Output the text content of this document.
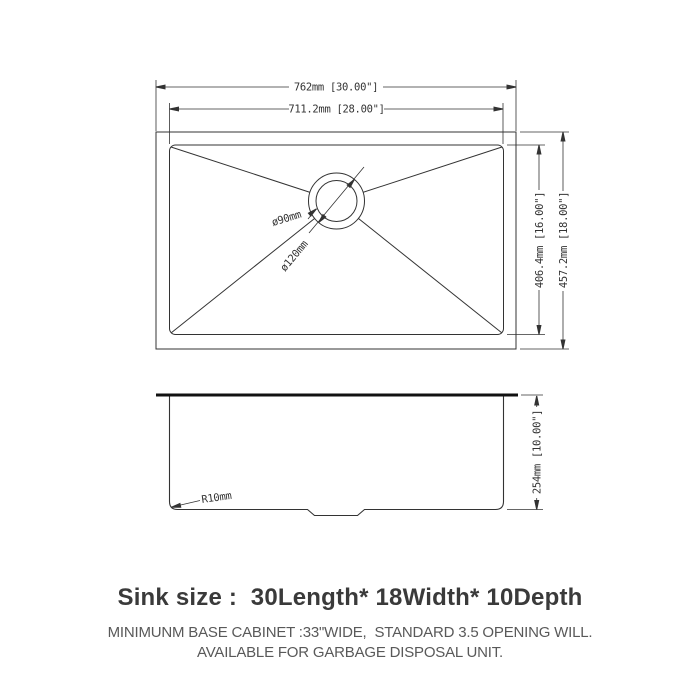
762mm [30.00"]
711.2mm [28.00"]
ø90mm
ø120mm	406.4mm [16.00"] 457.2mm [18.00"]
R10mm
254mm [10.00"]
Sink size :  30Length* 18Width* 10Depth
MINIMUNM BASE CABINET :33"WIDE,  STANDARD 3.5 OPENING WILL.
AVAILABLE FOR GARBAGE DISPOSAL UNIT.
